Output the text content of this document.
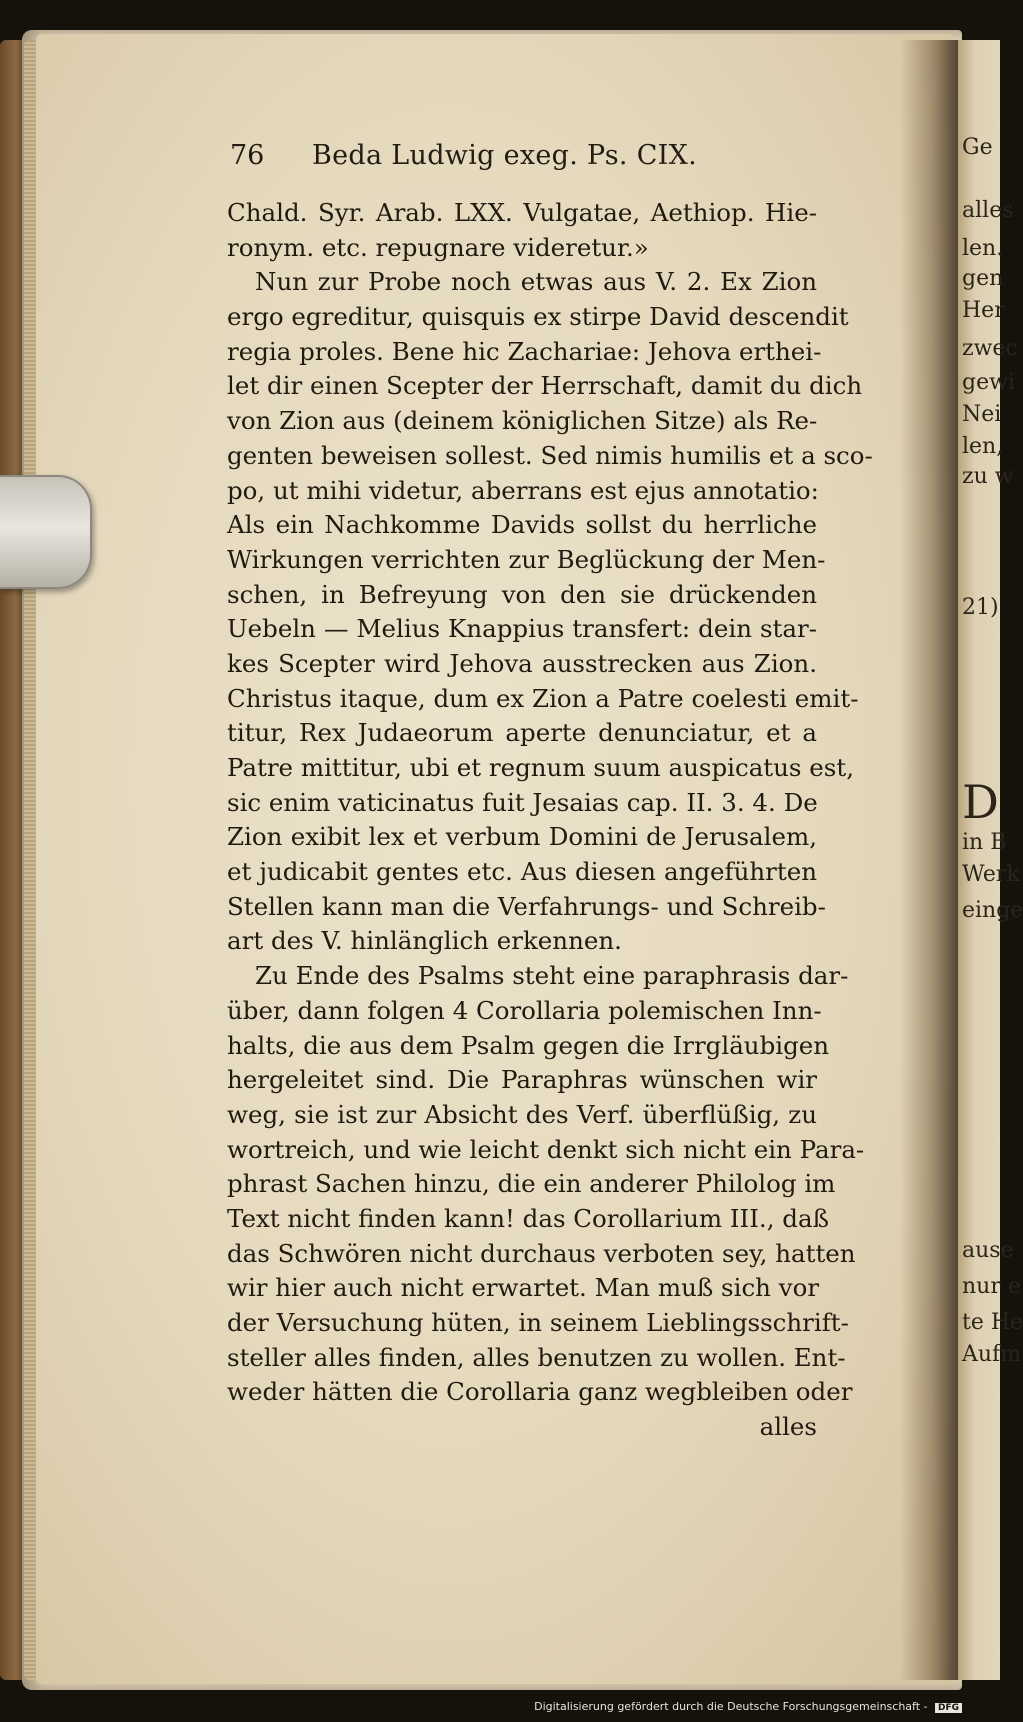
Ge
alles
len.
gen
Her
zwec
gewi
Nei
len,
zu w
21)
D
in B
Werk
einge
ause
nur e
te He
Aufm
76 Beda Ludwig exeg. Ps. CIX.
Chald. Syr. Arab. LXX. Vulgatae, Aethiop. Hie-
ronym. etc. repugnare videretur.»
Nun zur Probe noch etwas aus V. 2. Ex Zion
ergo egreditur, quisquis ex stirpe David descendit
regia proles. Bene hic Zachariae: Jehova erthei-
let dir einen Scepter der Herrschaft, damit du dich
von Zion aus (deinem königlichen Sitze) als Re-
genten beweisen sollest. Sed nimis humilis et a sco-
po, ut mihi videtur, aberrans est ejus annotatio:
Als ein Nachkomme Davids sollst du herrliche
Wirkungen verrichten zur Beglückung der Men-
schen, in Befreyung von den sie drückenden
Uebeln — Melius Knappius transfert: dein star-
kes Scepter wird Jehova ausstrecken aus Zion.
Christus itaque, dum ex Zion a Patre coelesti emit-
titur, Rex Judaeorum aperte denunciatur, et a
Patre mittitur, ubi et regnum suum auspicatus est,
sic enim vaticinatus fuit Jesaias cap. II. 3. 4. De
Zion exibit lex et verbum Domini de Jerusalem,
et judicabit gentes etc. Aus diesen angeführten
Stellen kann man die Verfahrungs- und Schreib-
art des V. hinlänglich erkennen.
Zu Ende des Psalms steht eine paraphrasis dar-
über, dann folgen 4 Corollaria polemischen Inn-
halts, die aus dem Psalm gegen die Irrgläubigen
hergeleitet sind. Die Paraphras wünschen wir
weg, sie ist zur Absicht des Verf. überflüßig, zu
wortreich, und wie leicht denkt sich nicht ein Para-
phrast Sachen hinzu, die ein anderer Philolog im
Text nicht finden kann! das Corollarium III., daß
das Schwören nicht durchaus verboten sey, hatten
wir hier auch nicht erwartet. Man muß sich vor
der Versuchung hüten, in seinem Lieblingsschrift-
steller alles finden, alles benutzen zu wollen. Ent-
weder hätten die Corollaria ganz wegbleiben oder
alles
Digitalisierung gefördert durch die Deutsche Forschungsgemeinschaft - DFG
